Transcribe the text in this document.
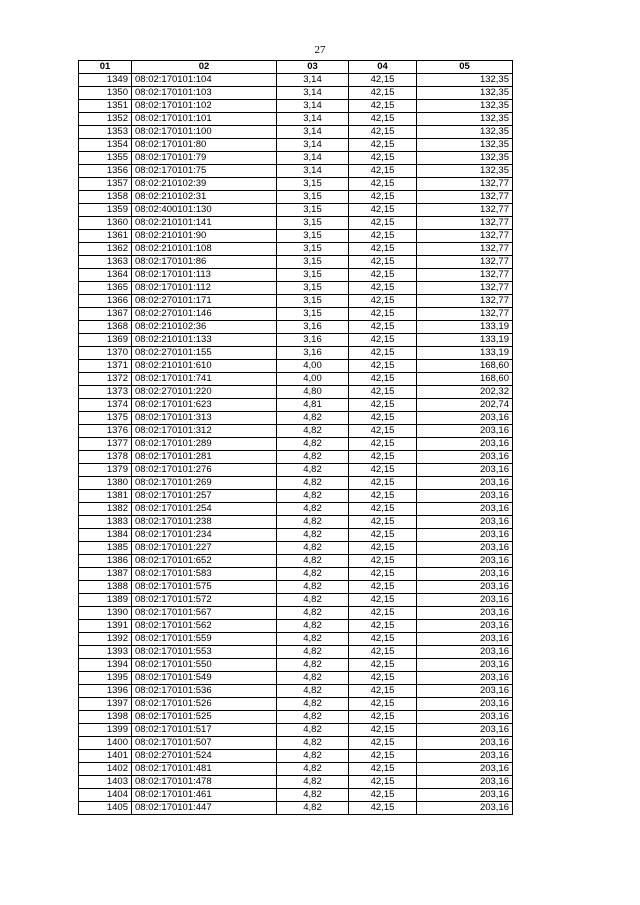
27
01	02	03	04	05
1349	08:02:170101:104	3,14	42,15	132,35
1350	08:02:170101:103	3,14	42,15	132,35
1351	08:02:170101:102	3,14	42,15	132,35
1352	08:02:170101:101	3,14	42,15	132,35
1353	08:02:170101:100	3,14	42,15	132,35
1354	08:02:170101:80	3,14	42,15	132,35
1355	08:02:170101:79	3,14	42,15	132,35
1356	08:02:170101:75	3,14	42,15	132,35
1357	08:02:210102:39	3,15	42,15	132,77
1358	08:02:210102:31	3,15	42,15	132,77
1359	08:02:400101:130	3,15	42,15	132,77
1360	08:02:210101:141	3,15	42,15	132,77
1361	08:02:210101:90	3,15	42,15	132,77
1362	08:02:210101:108	3,15	42,15	132,77
1363	08:02:170101:86	3,15	42,15	132,77
1364	08:02:170101:113	3,15	42,15	132,77
1365	08:02:170101:112	3,15	42,15	132,77
1366	08:02:270101:171	3,15	42,15	132,77
1367	08:02:270101:146	3,15	42,15	132,77
1368	08:02:210102:36	3,16	42,15	133,19
1369	08:02:210101:133	3,16	42,15	133,19
1370	08:02:270101:155	3,16	42,15	133,19
1371	08:02:210101:610	4,00	42,15	168,60
1372	08:02:170101:741	4,00	42,15	168,60
1373	08:02:270101:220	4,80	42,15	202,32
1374	08:02:170101:623	4,81	42,15	202,74
1375	08:02:170101:313	4,82	42,15	203,16
1376	08:02:170101:312	4,82	42,15	203,16
1377	08:02:170101:289	4,82	42,15	203,16
1378	08:02:170101:281	4,82	42,15	203,16
1379	08:02:170101:276	4,82	42,15	203,16
1380	08:02:170101:269	4,82	42,15	203,16
1381	08:02:170101:257	4,82	42,15	203,16
1382	08:02:170101:254	4,82	42,15	203,16
1383	08:02:170101:238	4,82	42,15	203,16
1384	08:02:170101:234	4,82	42,15	203,16
1385	08:02:170101:227	4,82	42,15	203,16
1386	08:02:170101:652	4,82	42,15	203,16
1387	08:02:170101:583	4,82	42,15	203,16
1388	08:02:170101:575	4,82	42,15	203,16
1389	08:02:170101:572	4,82	42,15	203,16
1390	08:02:170101:567	4,82	42,15	203,16
1391	08:02:170101:562	4,82	42,15	203,16
1392	08:02:170101:559	4,82	42,15	203,16
1393	08:02:170101:553	4,82	42,15	203,16
1394	08:02:170101:550	4,82	42,15	203,16
1395	08:02:170101:549	4,82	42,15	203,16
1396	08:02:170101:536	4,82	42,15	203,16
1397	08:02:170101:526	4,82	42,15	203,16
1398	08:02:170101:525	4,82	42,15	203,16
1399	08:02:170101:517	4,82	42,15	203,16
1400	08:02:170101:507	4,82	42,15	203,16
1401	08:02:270101:524	4,82	42,15	203,16
1402	08:02:170101:481	4,82	42,15	203,16
1403	08:02:170101:478	4,82	42,15	203,16
1404	08:02:170101:461	4,82	42,15	203,16
1405	08:02:170101:447	4,82	42,15	203,16
